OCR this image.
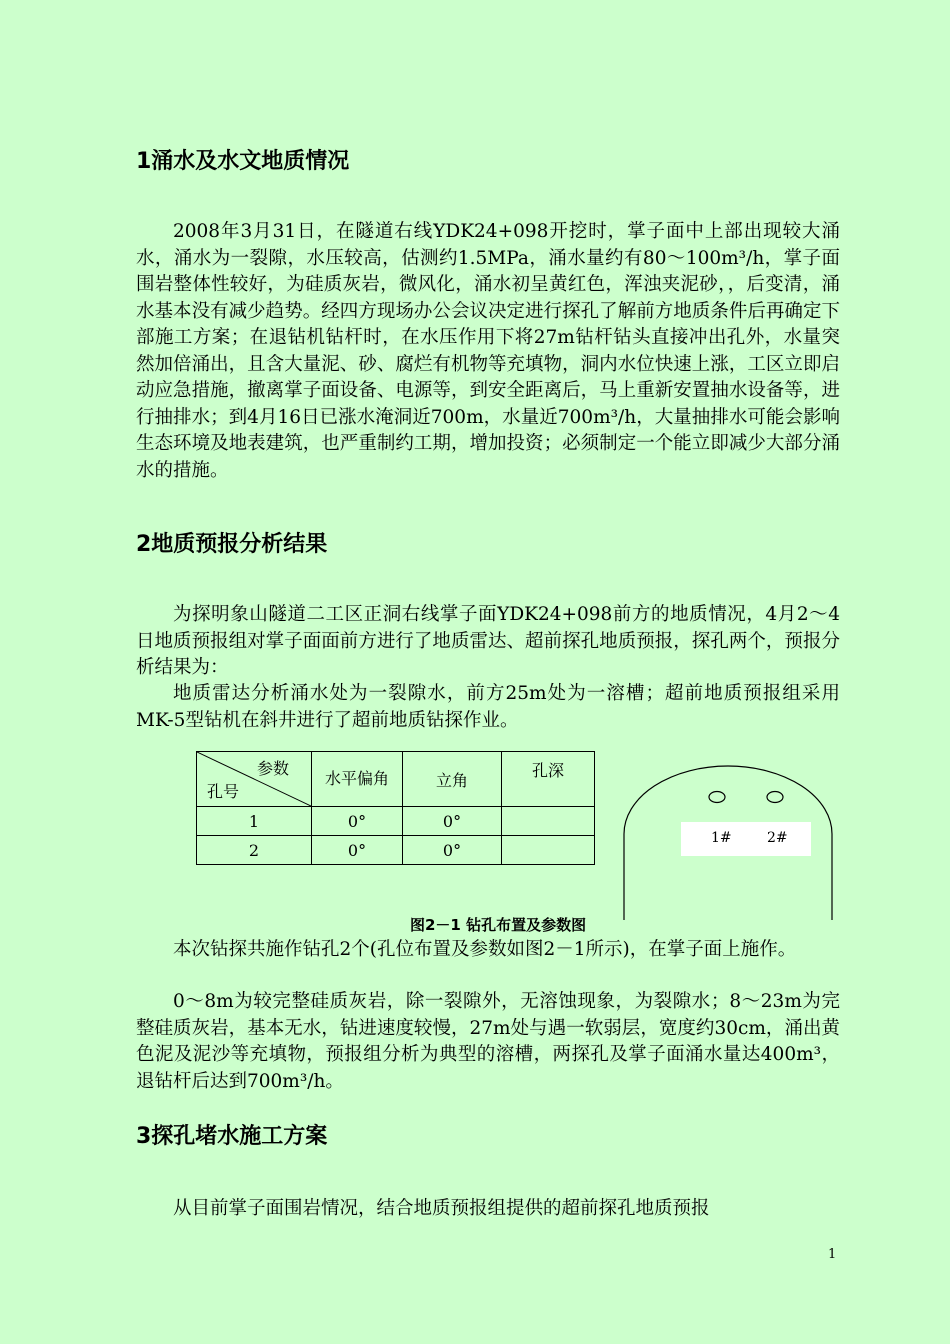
1涌水及水文地质情况

2008年3月31日，在隧道右线YDK24+098开挖时，掌子面中上部出现较大涌水，涌水为一裂隙，水压较高，估测约1.5MPa，涌水量约有80～100m³/h，掌子面围岩整体性较好，为硅质灰岩，微风化，涌水初呈黄红色，浑浊夹泥砂，，后变清，涌水基本没有减少趋势。经四方现场办公会议决定进行探孔了解前方地质条件后再确定下部施工方案；在退钻机钻杆时，在水压作用下将27m钻杆钻头直接冲出孔外，水量突然加倍涌出，且含大量泥、砂、腐烂有机物等充填物，洞内水位快速上涨，工区立即启动应急措施，撤离掌子面设备、电源等，到安全距离后，马上重新安置抽水设备等，进行抽排水；到4月16日已涨水淹洞近700m，水量近700m³/h，大量抽排水可能会影响生态环境及地表建筑，也严重制约工期，增加投资；必须制定一个能立即减少大部分涌水的措施。

2地质预报分析结果

为探明象山隧道二工区正洞右线掌子面YDK24+098前方的地质情况，4月2～4日地质预报组对掌子面面前方进行了地质雷达、超前探孔地质预报，探孔两个，预报分析结果为：

地质雷达分析涌水处为一裂隙水，前方25m处为一溶槽；超前地质预报组采用MK-5型钻机在斜井进行了超前地质钻探作业。

参数
孔号	水平偏角	立角	孔深
1	0°	0°	
2	0°	0°	
1#	2#
图2－1 钻孔布置及参数图

本次钻探共施作钻孔2个(孔位布置及参数如图2－1所示)，在掌子面上施作。

0～8m为较完整硅质灰岩，除一裂隙外，无溶蚀现象，为裂隙水；8～23m为完整硅质灰岩，基本无水，钻进速度较慢，27m处与遇一软弱层，宽度约30cm，涌出黄色泥及泥沙等充填物，预报组分析为典型的溶槽，两探孔及掌子面涌水量达400m³，退钻杆后达到700m³/h。

3探孔堵水施工方案

从目前掌子面围岩情况，结合地质预报组提供的超前探孔地质预报

1
